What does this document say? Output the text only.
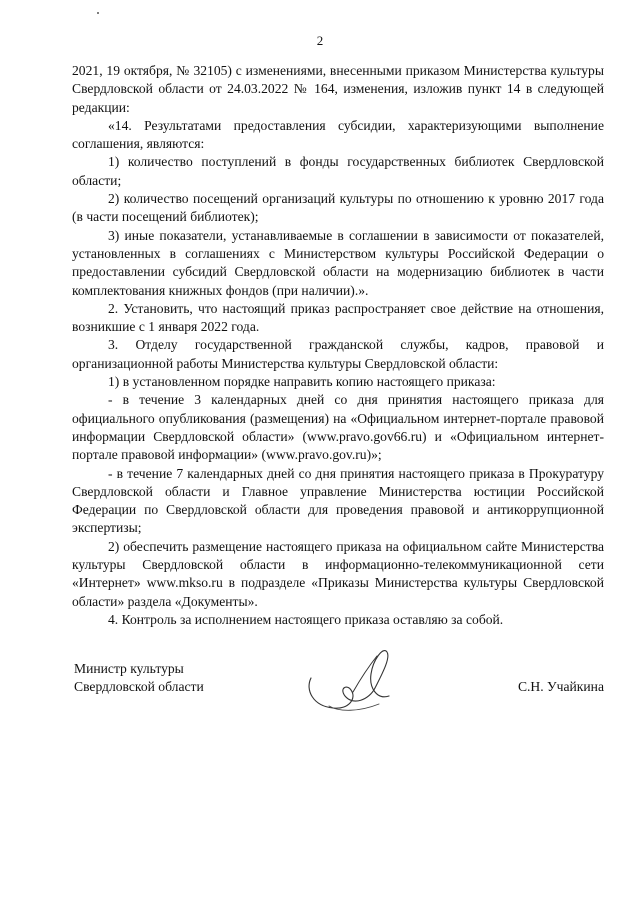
2

2021, 19 октября, № 32105) с изменениями, внесенными приказом Министерства культуры Свердловской области от 24.03.2022 № 164, изменения, изложив пункт 14 в следующей редакции:

«14. Результатами предоставления субсидии, характеризующими выполнение соглашения, являются:

1) количество поступлений в фонды государственных библиотек Свердловской области;

2) количество посещений организаций культуры по отношению к уровню 2017 года (в части посещений библиотек);

3) иные показатели, устанавливаемые в соглашении в зависимости от показателей, установленных в соглашениях с Министерством культуры Российской Федерации о предоставлении субсидий Свердловской области на модернизацию библиотек в части комплектования книжных фондов (при наличии).».

2. Установить, что настоящий приказ распространяет свое действие на отношения, возникшие с 1 января 2022 года.

3. Отделу государственной гражданской службы, кадров, правовой и организационной работы Министерства культуры Свердловской области:

1) в установленном порядке направить копию настоящего приказа:

- в течение 3 календарных дней со дня принятия настоящего приказа для официального опубликования (размещения) на «Официальном интернет-портале правовой информации Свердловской области» (www.pravo.gov66.ru) и «Официальном интернет-портале правовой информации» (www.pravo.gov.ru)»;

- в течение 7 календарных дней со дня принятия настоящего приказа в Прокуратуру Свердловской области и Главное управление Министерства юстиции Российской Федерации по Свердловской области для проведения правовой и антикоррупционной экспертизы;

2) обеспечить размещение настоящего приказа на официальном сайте Министерства культуры Свердловской области в информационно-телекоммуникационной сети «Интернет» www.mkso.ru в подразделе «Приказы Министерства культуры Свердловской области» раздела «Документы».

4. Контроль за исполнением настоящего приказа оставляю за собой.

Министр культуры
Свердловской области	С.Н. Учайкина
